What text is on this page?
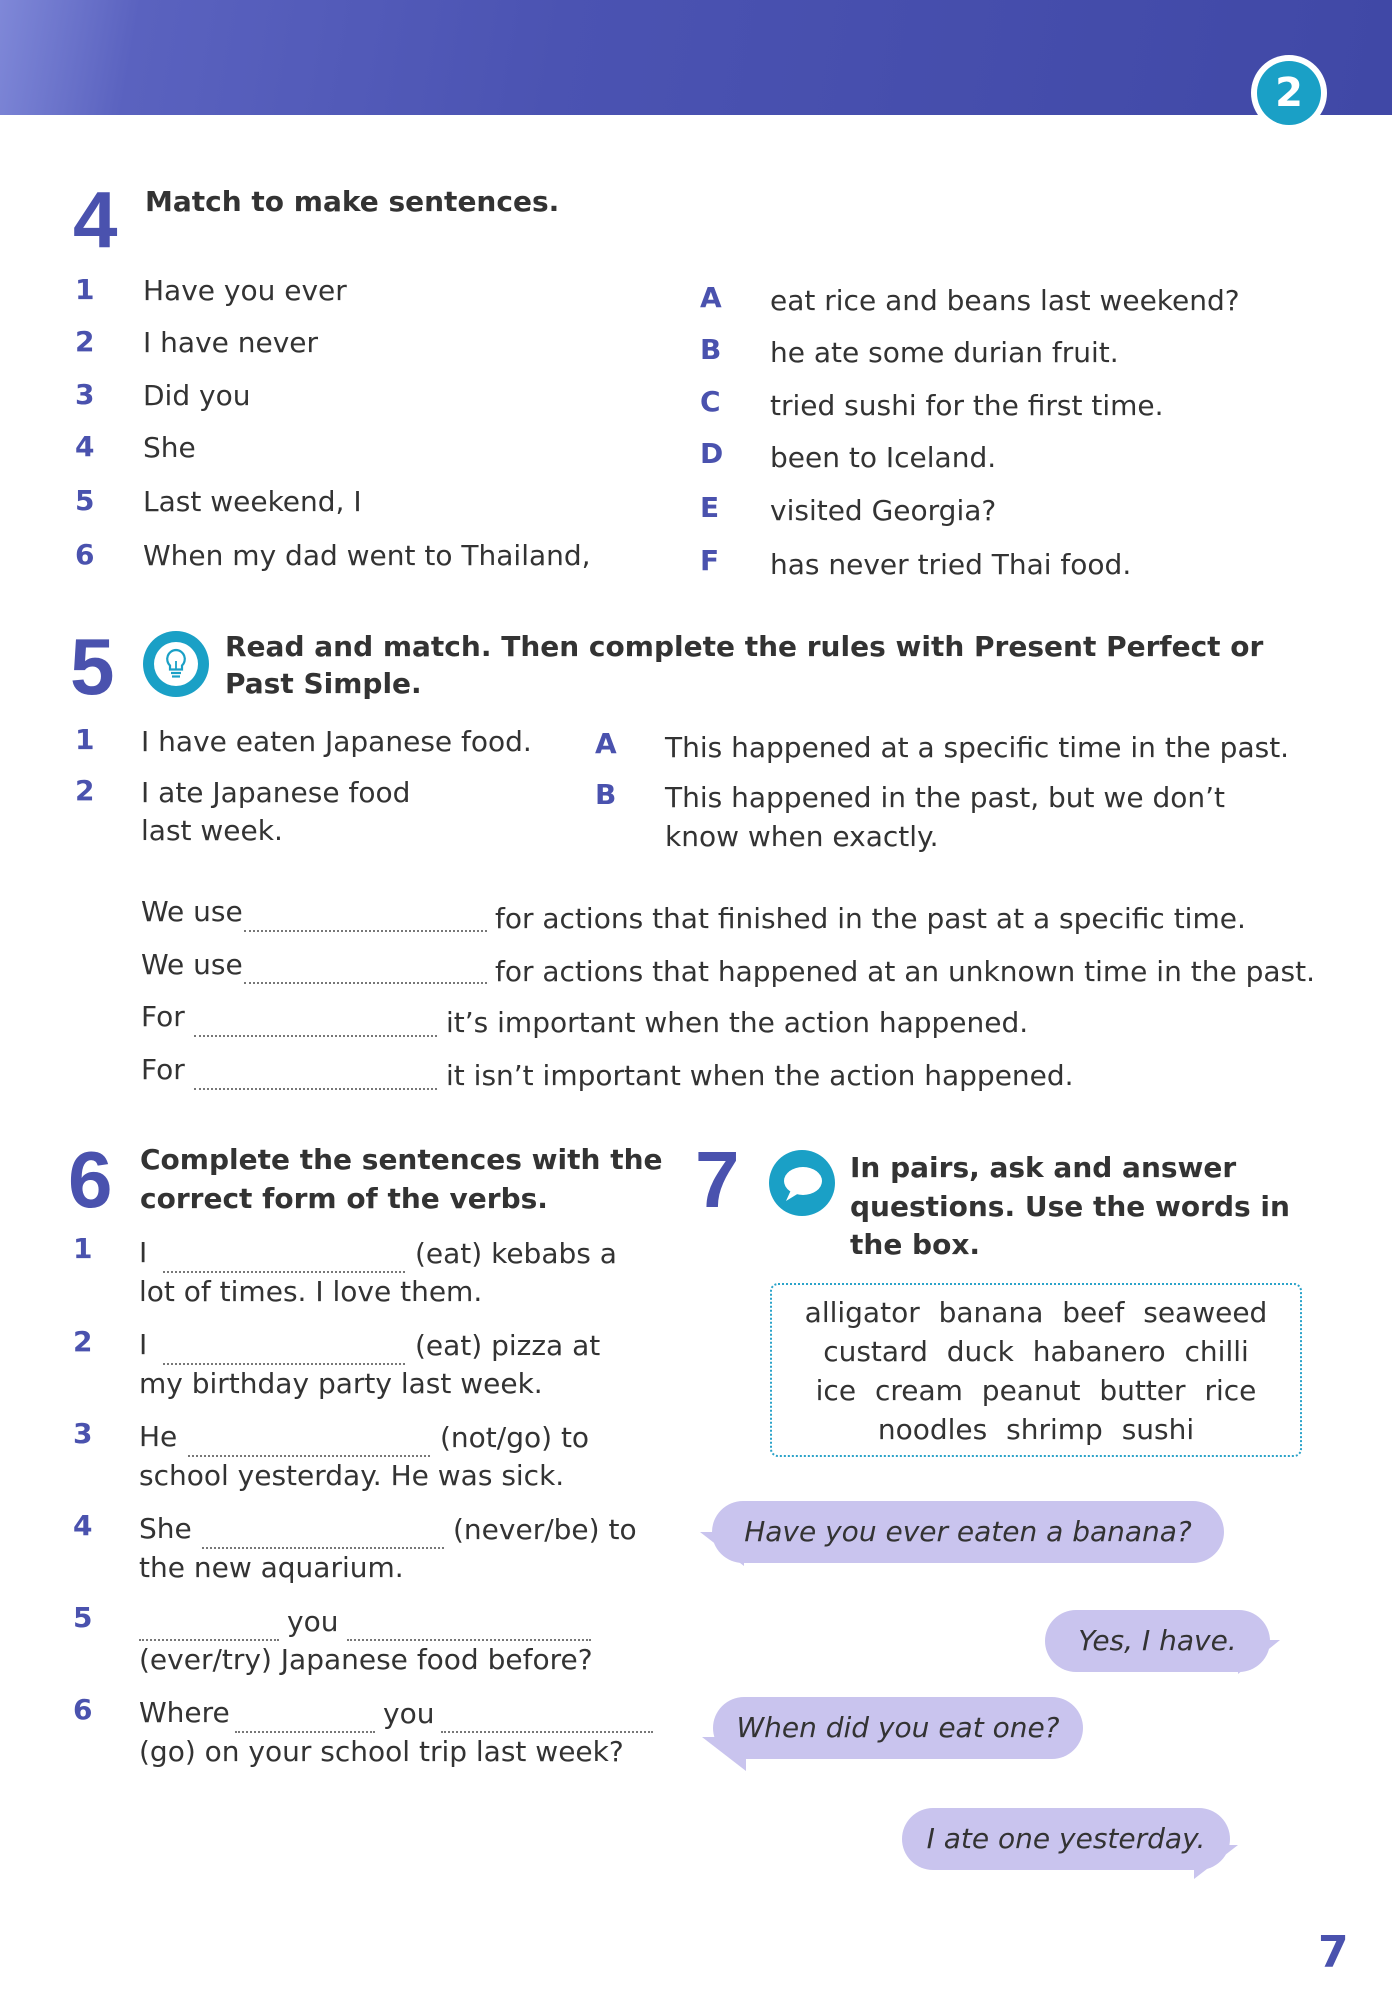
2
4 Match to make sentences.
1 Have you ever
2 I have never
3 Did you
4 She
5 Last weekend, I
6 When my dad went to Thailand,
A eat rice and beans last weekend?
B he ate some durian fruit.
C tried sushi for the first time.
D been to Iceland.
E visited Georgia?
F has never tried Thai food.
5	Read and match. Then complete the rules with Present Perfect or
Past Simple.
1 I have eaten Japanese food.
2 I ate Japanese food
last week.
A This happened at a specific time in the past.
B This happened in the past, but we don’t
know when exactly.
We use	for actions that finished in the past at a specific time.
We use	for actions that happened at an unknown time in the past.
For	it’s important when the action happened.
For	it isn’t important when the action happened.
6 Complete the sentences with the
correct form of the verbs.
1 I	(eat) kebabs a
lot of times. I love them.
2 I	(eat) pizza at
my birthday party last week.
3 He	(not/go) to
school yesterday. He was sick.
4 She	(never/be) to
the new aquarium.
5	you
(ever/try) Japanese food before?
6 Where	you
(go) on your school trip last week?
7	In pairs, ask and answer
questions. Use the words in
the box.
alligator banana beef seaweed
custard duck habanero chilli
ice cream peanut butter rice
noodles shrimp sushi
Have you ever eaten a banana?
Yes, I have.
When did you eat one?
I ate one yesterday.
7
